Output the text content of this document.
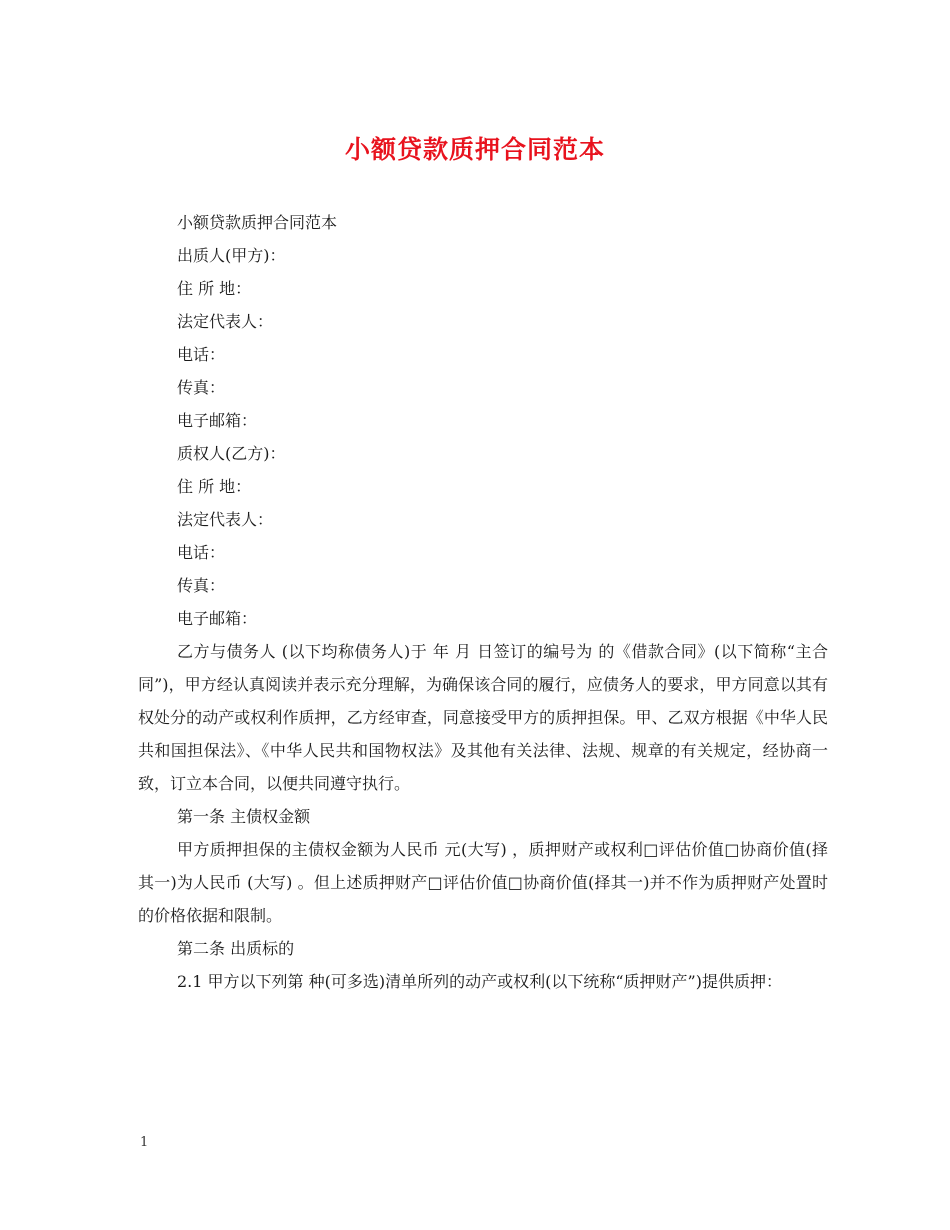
小额贷款质押合同范本
小额贷款质押合同范本
出质人(甲方)：
住 所 地：
法定代表人：
电话：
传真：
电子邮箱：
质权人(乙方)：
住 所 地：
法定代表人：
电话：
传真：
电子邮箱：

乙方与债务人 (以下均称债务人)于 年 月 日签订的编号为 的《借款合同》(以下简称“主合同”)，甲方经认真阅读并表示充分理解，为确保该合同的履行，应债务人的要求，甲方同意以其有权处分的动产或权利作质押，乙方经审查，同意接受甲方的质押担保。甲、乙双方根据《中华人民共和国担保法》、《中华人民共和国物权法》及其他有关法律、法规、规章的有关规定，经协商一致，订立本合同，以便共同遵守执行。

第一条 主债权金额

甲方质押担保的主债权金额为人民币 元(大写) ，质押财产或权利□评估价值□协商价值(择其一)为人民币 (大写) 。但上述质押财产□评估价值□协商价值(择其一)并不作为质押财产处置时的价格依据和限制。

第二条 出质标的

2.1 甲方以下列第 种(可多选)清单所列的动产或权利(以下统称“质押财产”)提供质押：

1
